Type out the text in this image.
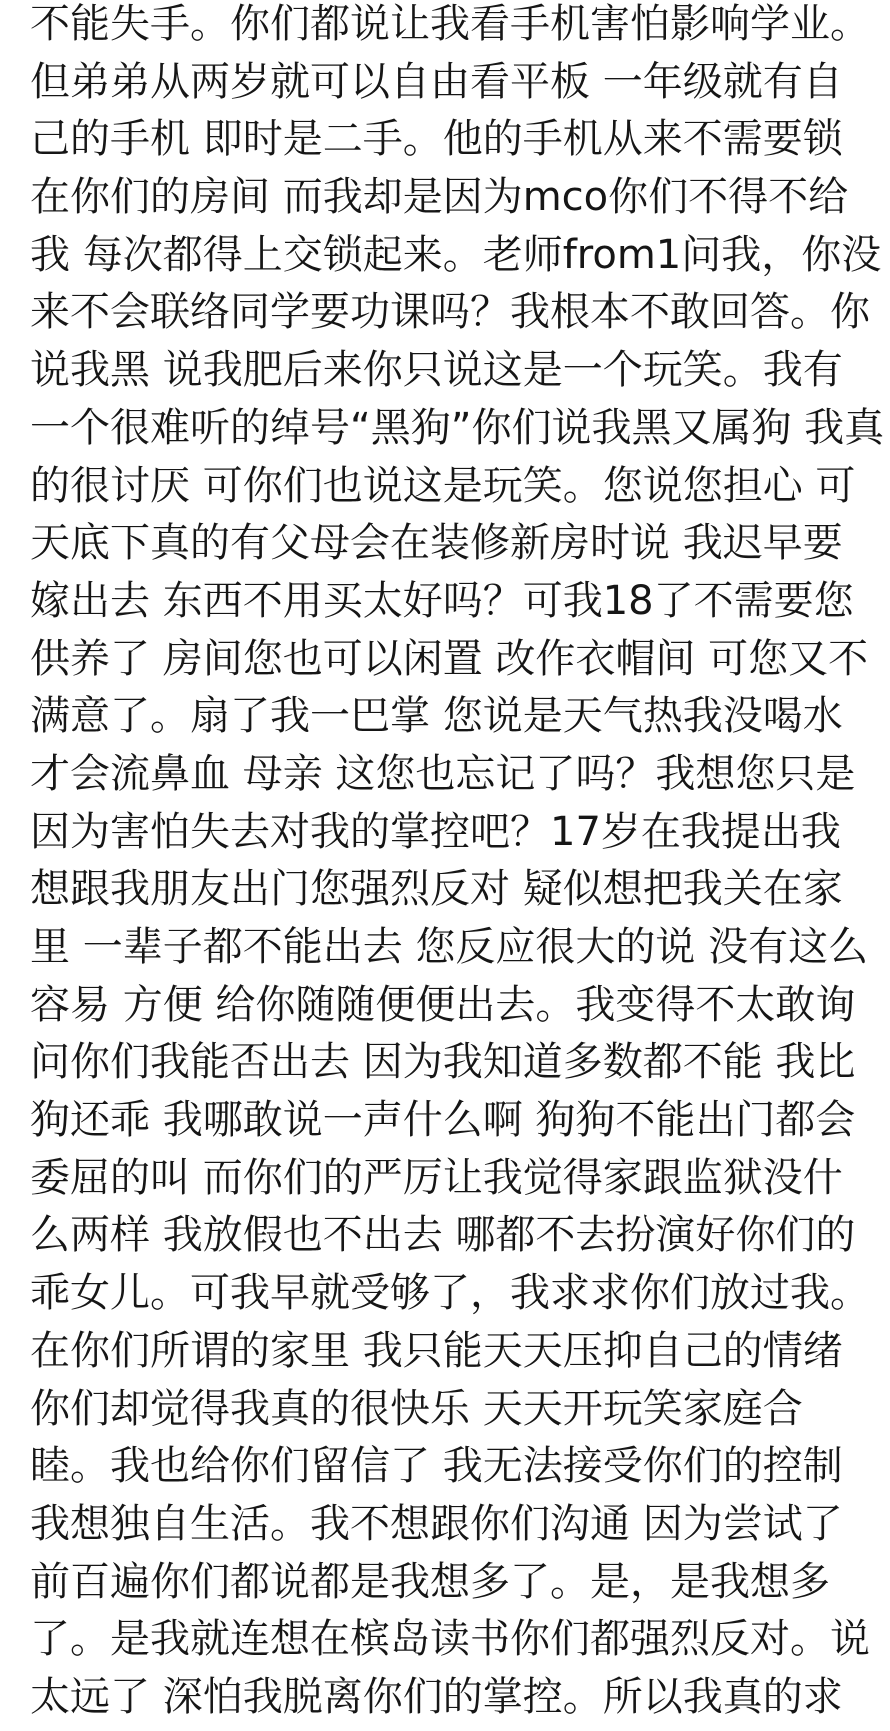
不能失手。你们都说让我看手机害怕影响学业。
但弟弟从两岁就可以自由看平板 一年级就有自
己的手机 即时是二手。他的手机从来不需要锁
在你们的房间 而我却是因为mco你们不得不给
我 每次都得上交锁起来。老师from1问我，你没
来不会联络同学要功课吗？我根本不敢回答。你
说我黑 说我肥后来你只说这是一个玩笑。我有
一个很难听的绰号“黑狗”你们说我黑又属狗 我真
的很讨厌 可你们也说这是玩笑。您说您担心 可
天底下真的有父母会在装修新房时说 我迟早要
嫁出去 东西不用买太好吗？可我18了不需要您
供养了 房间您也可以闲置 改作衣帽间 可您又不
满意了。扇了我一巴掌 您说是天气热我没喝水
才会流鼻血 母亲 这您也忘记了吗？我想您只是
因为害怕失去对我的掌控吧？17岁在我提出我
想跟我朋友出门您强烈反对 疑似想把我关在家
里 一辈子都不能出去 您反应很大的说 没有这么
容易 方便 给你随随便便出去。我变得不太敢询
问你们我能否出去 因为我知道多数都不能 我比
狗还乖 我哪敢说一声什么啊 狗狗不能出门都会
委屈的叫 而你们的严厉让我觉得家跟监狱没什
么两样 我放假也不出去 哪都不去扮演好你们的
乖女儿。可我早就受够了，我求求你们放过我。
在你们所谓的家里 我只能天天压抑自己的情绪
你们却觉得我真的很快乐 天天开玩笑家庭合
睦。我也给你们留信了 我无法接受你们的控制
我想独自生活。我不想跟你们沟通 因为尝试了
前百遍你们都说都是我想多了。是，是我想多
了。是我就连想在槟岛读书你们都强烈反对。说
太远了 深怕我脱离你们的掌控。所以我真的求
